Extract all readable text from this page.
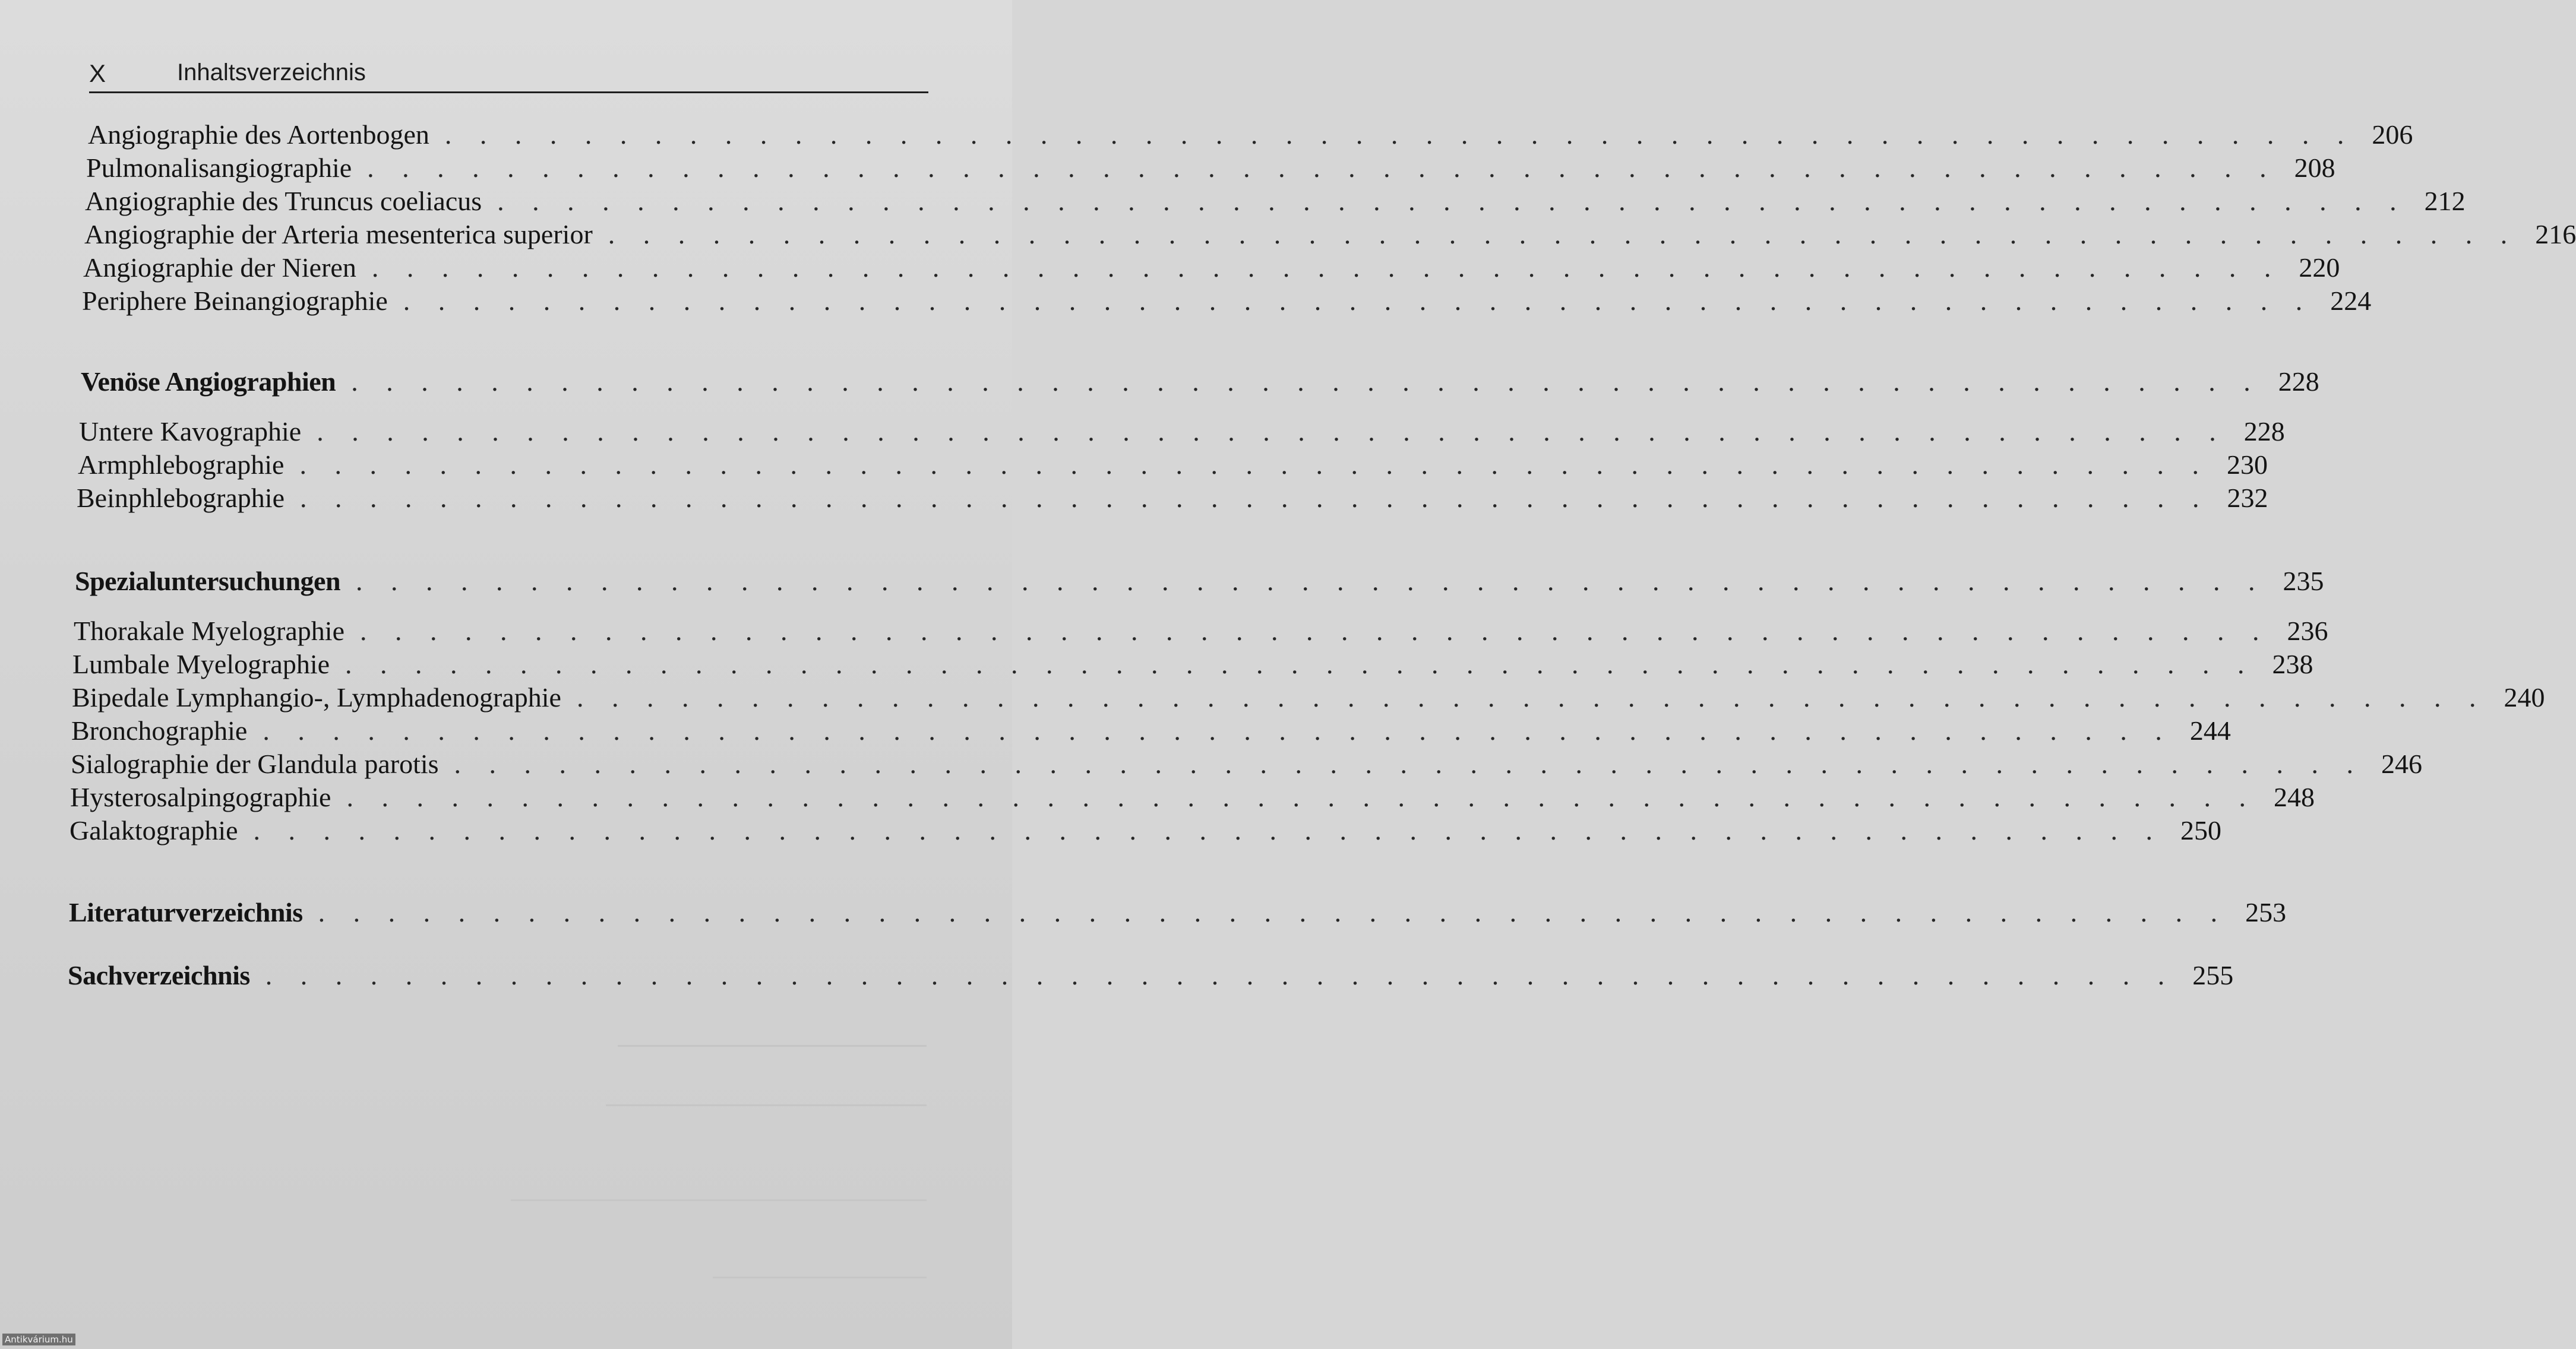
X	Inhaltsverzeichnis
Angiographie des Aortenbogen . . . . . . . . . . . . . . . . . . . . . . . . . . . . . . . . . . . . . . . . . . . . . . . . . . . . . . . 206
Pulmonalisangiographie . . . . . . . . . . . . . . . . . . . . . . . . . . . . . . . . . . . . . . . . . . . . . . . . . . . . . . . 208
Angiographie des Truncus coeliacus . . . . . . . . . . . . . . . . . . . . . . . . . . . . . . . . . . . . . . . . . . . . . . . . . . . . . . . 212
Angiographie der Arteria mesenterica superior . . . . . . . . . . . . . . . . . . . . . . . . . . . . . . . . . . . . . . . . . . . . . . . . . . . . . . . 216
Angiographie der Nieren . . . . . . . . . . . . . . . . . . . . . . . . . . . . . . . . . . . . . . . . . . . . . . . . . . . . . . . 220
Periphere Beinangiographie . . . . . . . . . . . . . . . . . . . . . . . . . . . . . . . . . . . . . . . . . . . . . . . . . . . . . . . 224
Venöse Angiographien . . . . . . . . . . . . . . . . . . . . . . . . . . . . . . . . . . . . . . . . . . . . . . . . . . . . . . . 228
Untere Kavographie . . . . . . . . . . . . . . . . . . . . . . . . . . . . . . . . . . . . . . . . . . . . . . . . . . . . . . . 228
Armphlebographie . . . . . . . . . . . . . . . . . . . . . . . . . . . . . . . . . . . . . . . . . . . . . . . . . . . . . . . 230
Beinphlebographie . . . . . . . . . . . . . . . . . . . . . . . . . . . . . . . . . . . . . . . . . . . . . . . . . . . . . . . 232
Spezialuntersuchungen . . . . . . . . . . . . . . . . . . . . . . . . . . . . . . . . . . . . . . . . . . . . . . . . . . . . . . . 235
Thorakale Myelographie . . . . . . . . . . . . . . . . . . . . . . . . . . . . . . . . . . . . . . . . . . . . . . . . . . . . . . . 236
Lumbale Myelographie . . . . . . . . . . . . . . . . . . . . . . . . . . . . . . . . . . . . . . . . . . . . . . . . . . . . . . . 238
Bipedale Lymphangio-, Lymphadenographie . . . . . . . . . . . . . . . . . . . . . . . . . . . . . . . . . . . . . . . . . . . . . . . . . . . . . . . 240
Bronchographie . . . . . . . . . . . . . . . . . . . . . . . . . . . . . . . . . . . . . . . . . . . . . . . . . . . . . . . 244
Sialographie der Glandula parotis . . . . . . . . . . . . . . . . . . . . . . . . . . . . . . . . . . . . . . . . . . . . . . . . . . . . . . . 246
Hysterosalpingographie . . . . . . . . . . . . . . . . . . . . . . . . . . . . . . . . . . . . . . . . . . . . . . . . . . . . . . . 248
Galaktographie . . . . . . . . . . . . . . . . . . . . . . . . . . . . . . . . . . . . . . . . . . . . . . . . . . . . . . . 250
Literaturverzeichnis . . . . . . . . . . . . . . . . . . . . . . . . . . . . . . . . . . . . . . . . . . . . . . . . . . . . . . . 253
Sachverzeichnis . . . . . . . . . . . . . . . . . . . . . . . . . . . . . . . . . . . . . . . . . . . . . . . . . . . . . . . 255
Antikvárium.hu
